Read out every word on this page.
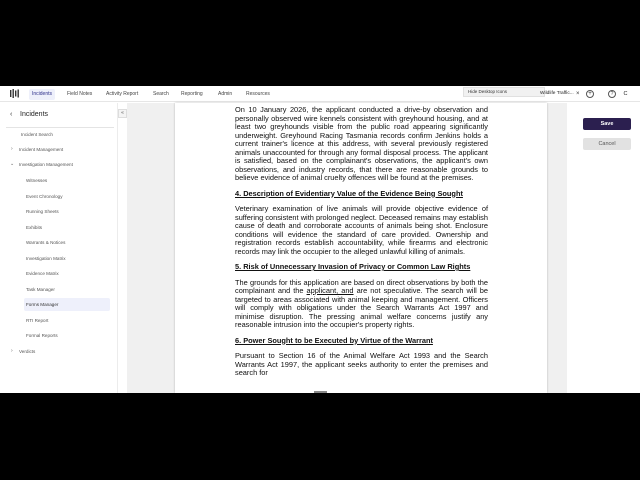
Incidents	Field Notes	Activity Report	Search	Reporting	Admin	Resources	Hide Desktop Icons	Wildlife Traffic... ×	+	?	C
‹ Incidents
Incident Search
› Incident Management
⌄ Investigation Management
Witnesses
Event Chronology
Running Sheets
Exhibits
Warrants & Notices
Investigation Matrix
Evidence Matrix
Task Manager
Forms Manager
RTI Report
Formal Reports
› Verdicts
«	On 10 January 2026, the applicant conducted a drive-by observation and personally observed wire kennels consistent with greyhound housing, and at least two greyhounds visible from the public road appearing significantly underweight. Greyhound Racing Tasmania records confirm Jenkins holds a current trainer's licence at this address, with several previously registered animals unaccounted for through any formal disposal process. The applicant is satisfied, based on the complainant's observations, the applicant's own observations, and industry records, that there are reasonable grounds to believe evidence of animal cruelty offences will be found at the premises.

4. Description of Evidentiary Value of the Evidence Being Sought

Veterinary examination of live animals will provide objective evidence of suffering consistent with prolonged neglect. Deceased remains may establish cause of death and corroborate accounts of animals being shot. Enclosure conditions will evidence the standard of care provided. Ownership and registration records establish accountability, while firearms and electronic records may link the occupier to the alleged unlawful killing of animals.

5. Risk of Unnecessary Invasion of Privacy or Common Law Rights

The grounds for this application are based on direct observations by both the complainant and the applicant, and are not speculative. The search will be targeted to areas associated with animal keeping and management. Officers will comply with obligations under the Search Warrants Act 1997 and minimise disruption. The pressing animal welfare concerns justify any reasonable intrusion into the occupier's property rights.

6. Power Sought to be Executed by Virtue of the Warrant

Pursuant to Section 16 of the Animal Welfare Act 1993 and the Search Warrants Act 1997, the applicant seeks authority to enter the premises and search for

Save
Cancel
